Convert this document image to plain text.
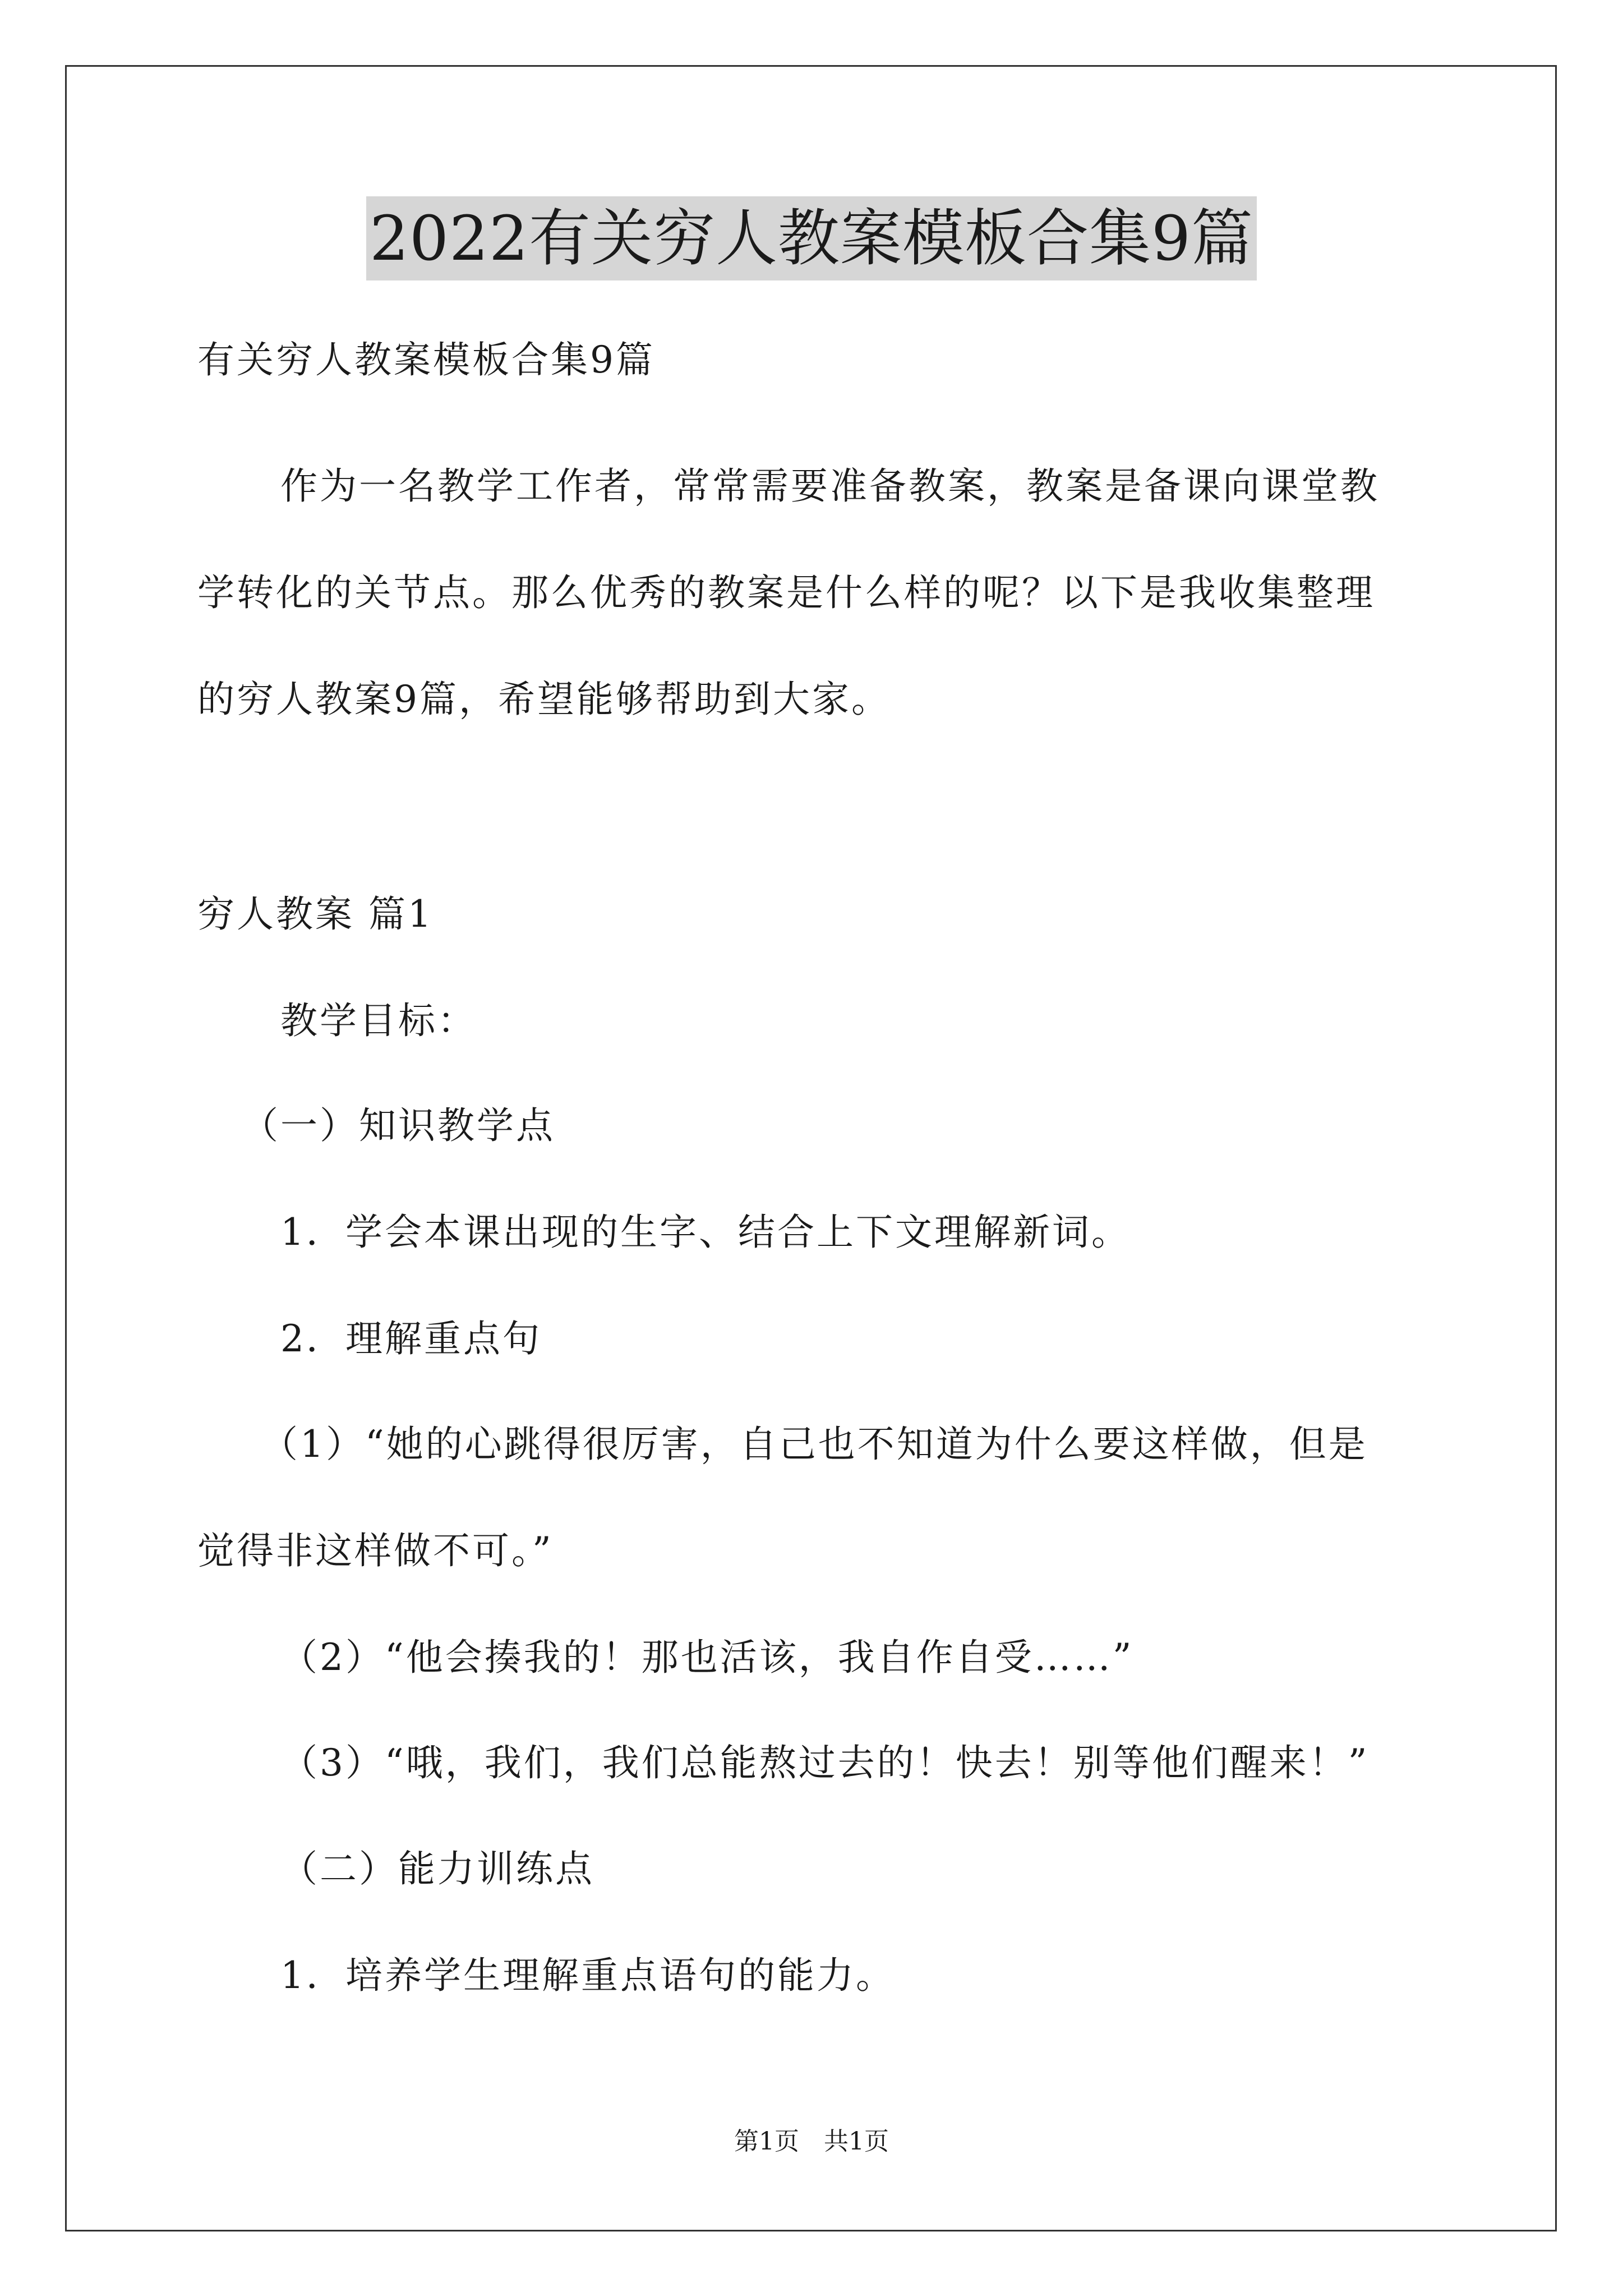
2022有关穷人教案模板合集9篇
有关穷人教案模板合集9篇
作为一名教学工作者，常常需要准备教案，教案是备课向课堂教
学转化的关节点。那么优秀的教案是什么样的呢？以下是我收集整理
的穷人教案9篇，希望能够帮助到大家。
穷人教案 篇1
教学目标：
（一）知识教学点
1．学会本课出现的生字、结合上下文理解新词。
2．理解重点句
（1）“她的心跳得很厉害，自己也不知道为什么要这样做，但是
觉得非这样做不可。”
（2）“他会揍我的！那也活该，我自作自受……”
（3）“哦，我们，我们总能熬过去的！快去！别等他们醒来！”
（二）能力训练点
1．培养学生理解重点语句的能力。
第1页　共1页
